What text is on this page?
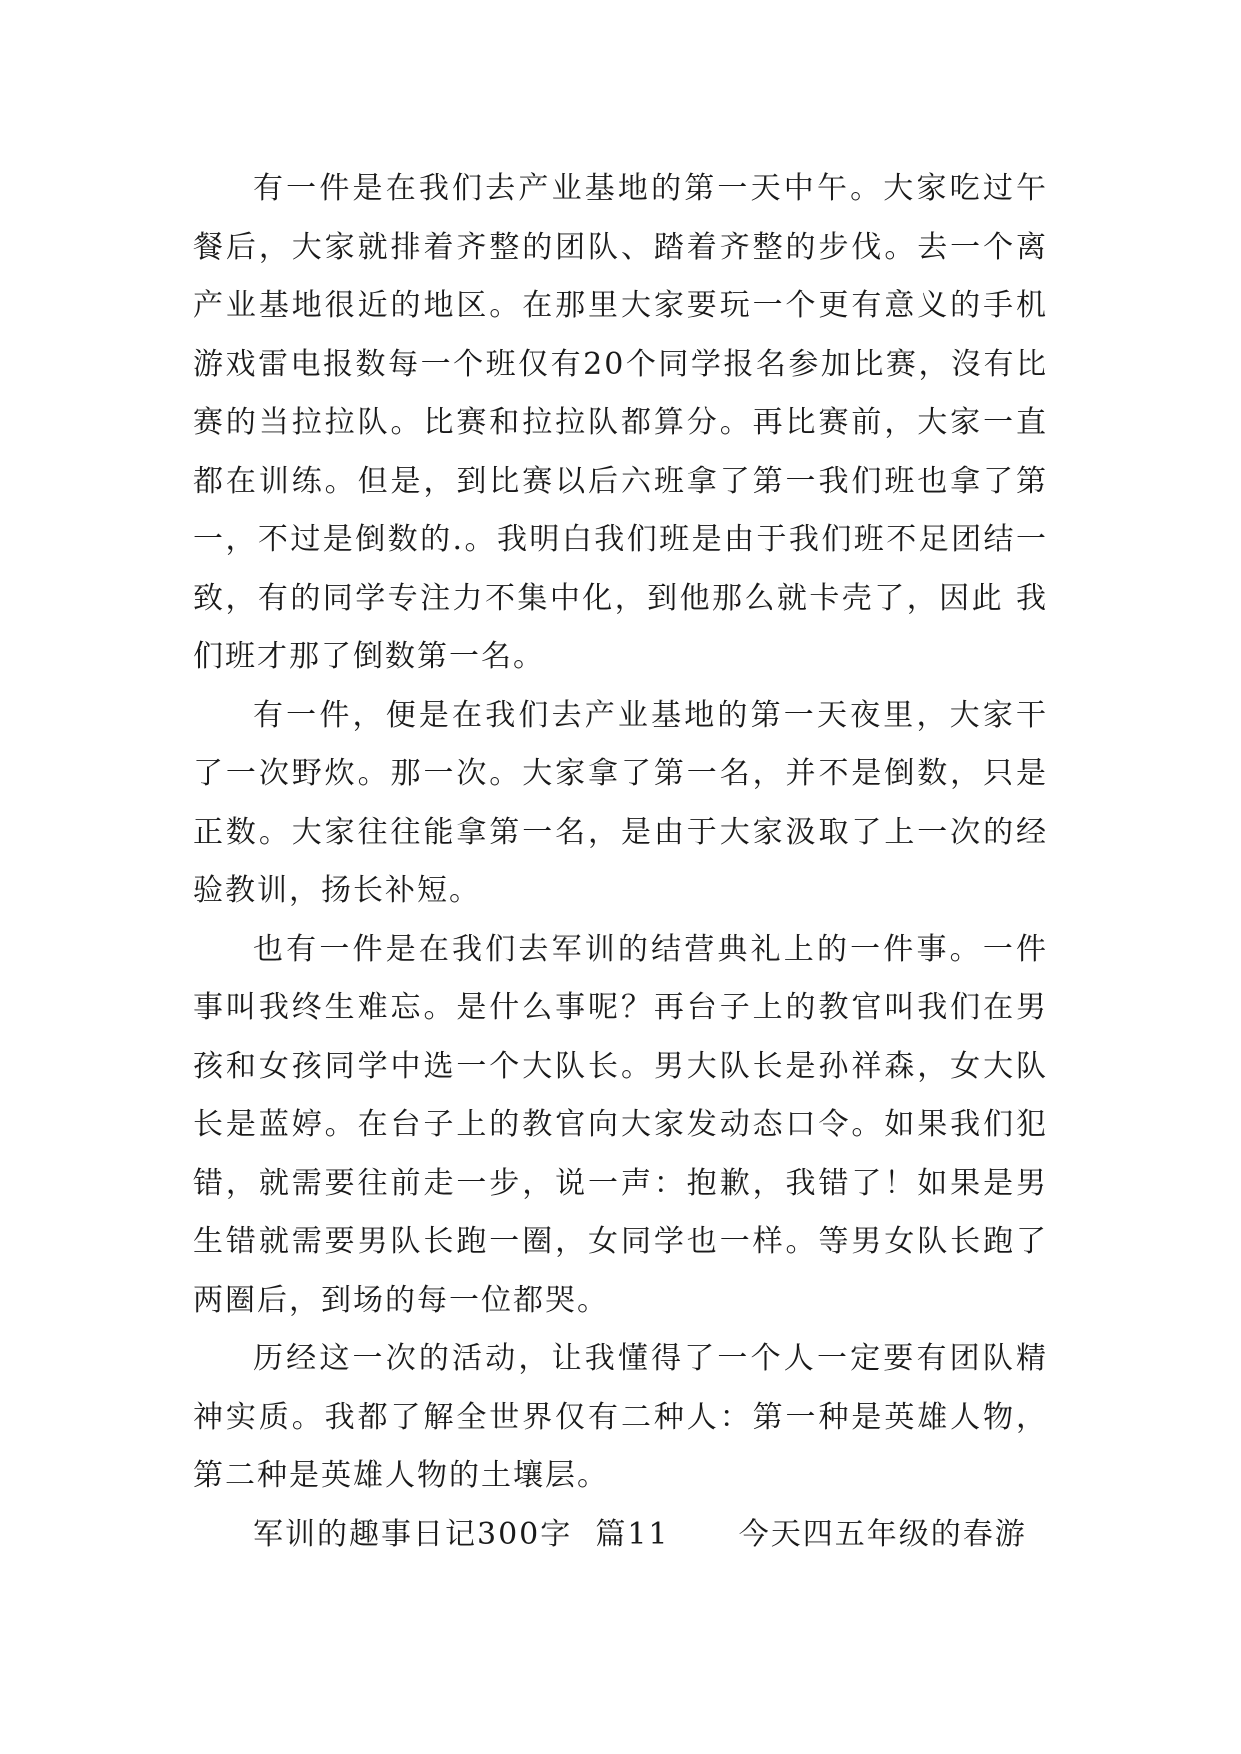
有一件是在我们去产业基地的第一天中午。大家吃过午餐后，大家就排着齐整的团队、踏着齐整的步伐。去一个离产业基地很近的地区。在那里大家要玩一个更有意义的手机游戏雷电报数每一个班仅有20个同学报名参加比赛，沒有比赛的当拉拉队。比赛和拉拉队都算分。再比赛前，大家一直都在训练。但是，到比赛以后六班拿了第一我们班也拿了第一，不过是倒数的.。我明白我们班是由于我们班不足团结一致，有的同学专注力不集中化，到他那么就卡壳了，因此 我们班才那了倒数第一名。

有一件，便是在我们去产业基地的第一天夜里，大家干了一次野炊。那一次。大家拿了第一名，并不是倒数，只是正数。大家往往能拿第一名，是由于大家汲取了上一次的经验教训，扬长补短。

也有一件是在我们去军训的结营典礼上的一件事。一件事叫我终生难忘。是什么事呢？再台子上的教官叫我们在男孩和女孩同学中选一个大队长。男大队长是孙祥森，女大队长是蓝婷。在台子上的教官向大家发动态口令。如果我们犯错，就需要往前走一步，说一声：抱歉，我错了！如果是男生错就需要男队长跑一圈，女同学也一样。等男女队长跑了两圈后，到场的每一位都哭。

历经这一次的活动，让我懂得了一个人一定要有团队精神实质。我都了解全世界仅有二种人：第一种是英雄人物，第二种是英雄人物的土壤层。

军训的趣事日记300字  篇11      今天四五年级的春游
